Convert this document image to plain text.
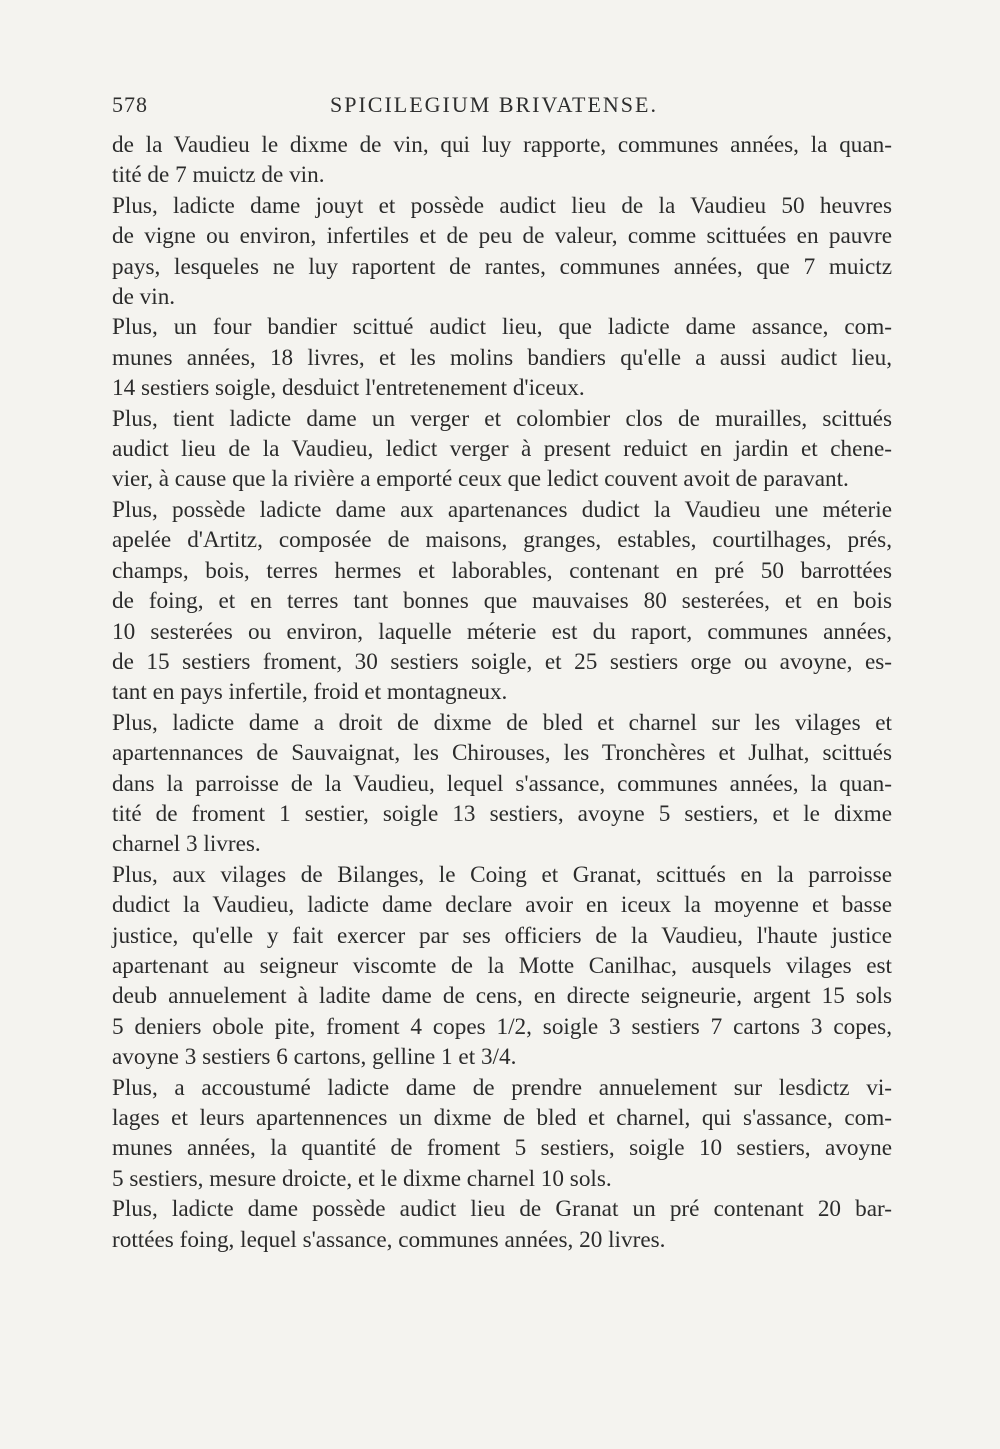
578	SPICILEGIUM BRIVATENSE.
de la Vaudieu le dixme de vin, qui luy rapporte, communes années, la quan-
tité de 7 muictz de vin.
Plus, ladicte dame jouyt et possède audict lieu de la Vaudieu 50 heuvres
de vigne ou environ, infertiles et de peu de valeur, comme scittuées en pauvre
pays, lesqueles ne luy raportent de rantes, communes années, que 7 muictz
de vin.
Plus, un four bandier scittué audict lieu, que ladicte dame assance, com-
munes années, 18 livres, et les molins bandiers qu'elle a aussi audict lieu,
14 sestiers soigle, desduict l'entretenement d'iceux.
Plus, tient ladicte dame un verger et colombier clos de murailles, scittués
audict lieu de la Vaudieu, ledict verger à present reduict en jardin et chene-
vier, à cause que la rivière a emporté ceux que ledict couvent avoit de paravant.
Plus, possède ladicte dame aux apartenances dudict la Vaudieu une méterie
apelée d'Artitz, composée de maisons, granges, estables, courtilhages, prés,
champs, bois, terres hermes et laborables, contenant en pré 50 barrottées
de foing, et en terres tant bonnes que mauvaises 80 sesterées, et en bois
10 sesterées ou environ, laquelle méterie est du raport, communes années,
de 15 sestiers froment, 30 sestiers soigle, et 25 sestiers orge ou avoyne, es-
tant en pays infertile, froid et montagneux.
Plus, ladicte dame a droit de dixme de bled et charnel sur les vilages et
apartennances de Sauvaignat, les Chirouses, les Tronchères et Julhat, scittués
dans la parroisse de la Vaudieu, lequel s'assance, communes années, la quan-
tité de froment 1 sestier, soigle 13 sestiers, avoyne 5 sestiers, et le dixme
charnel 3 livres.
Plus, aux vilages de Bilanges, le Coing et Granat, scittués en la parroisse
dudict la Vaudieu, ladicte dame declare avoir en iceux la moyenne et basse
justice, qu'elle y fait exercer par ses officiers de la Vaudieu, l'haute justice
apartenant au seigneur viscomte de la Motte Canilhac, ausquels vilages est
deub annuelement à ladite dame de cens, en directe seigneurie, argent 15 sols
5 deniers obole pite, froment 4 copes 1/2, soigle 3 sestiers 7 cartons 3 copes,
avoyne 3 sestiers 6 cartons, gelline 1 et 3/4.
Plus, a accoustumé ladicte dame de prendre annuelement sur lesdictz vi-
lages et leurs apartennences un dixme de bled et charnel, qui s'assance, com-
munes années, la quantité de froment 5 sestiers, soigle 10 sestiers, avoyne
5 sestiers, mesure droicte, et le dixme charnel 10 sols.
Plus, ladicte dame possède audict lieu de Granat un pré contenant 20 bar-
rottées foing, lequel s'assance, communes années, 20 livres.
